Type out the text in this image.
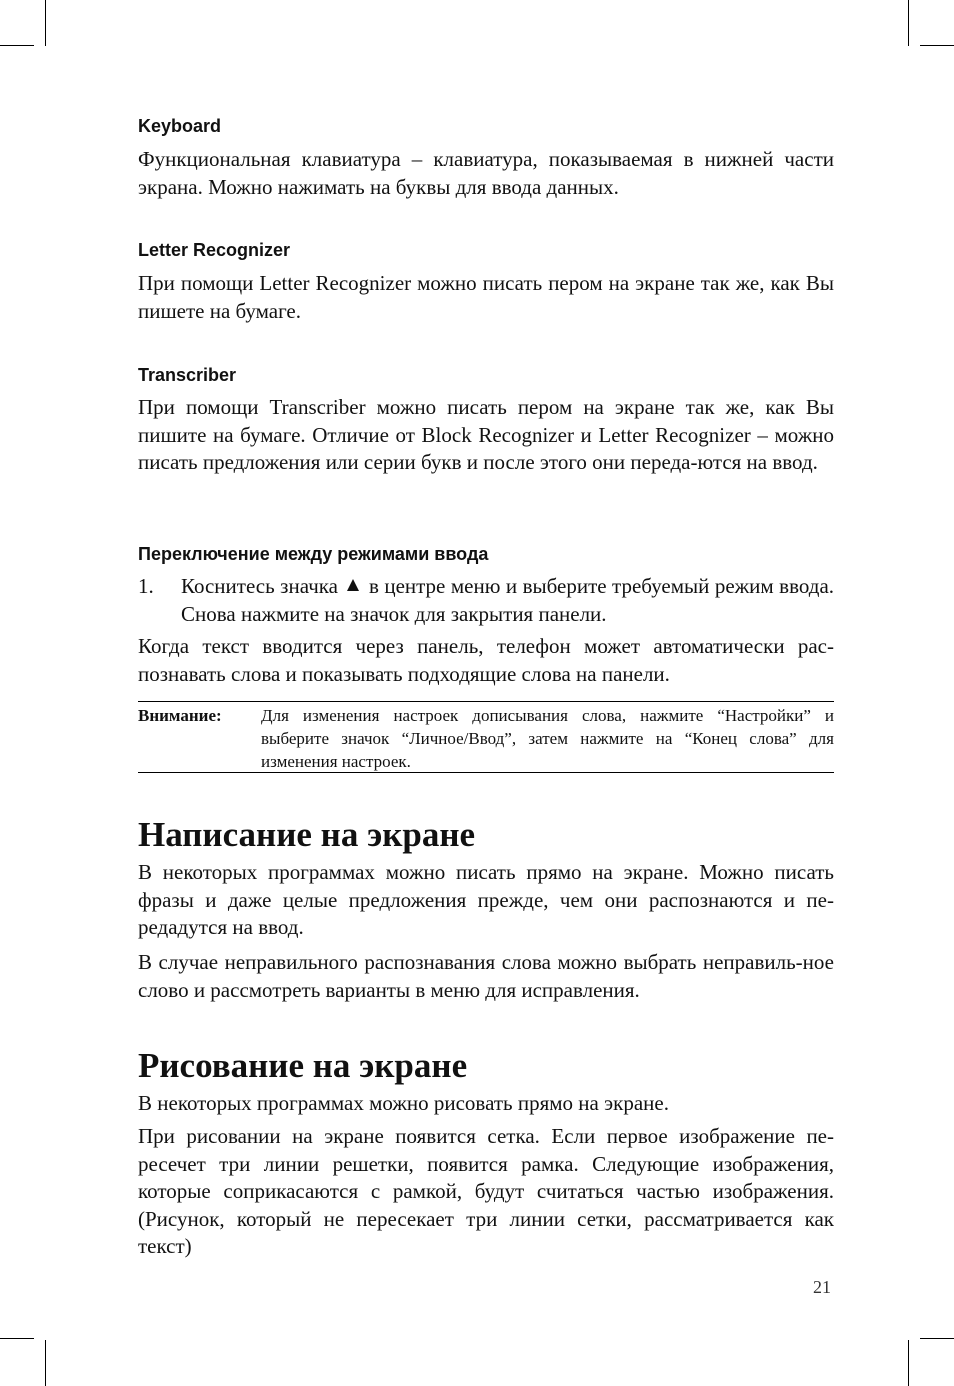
Keyboard

Функциональная клавиатура – клавиатура, показываемая в нижней части экрана. Можно нажимать на буквы для ввода данных.

Letter Recognizer

При помощи Letter Recognizer можно писать пером на экране так же, как Вы пишете на бумаге.

Transcriber

При помощи Transcriber можно писать пером на экране так же, как Вы пишите на бумаге. Отличие от Block Recognizer и Letter Recognizer – можно писать предложения или серии букв и после этого они переда-ются на ввод.

Переключение между режимами ввода
1. Коснитесь значка в центре меню и выберите требуемый режим ввода. Снова нажмите на значок для закрытия панели.

Когда текст вводится через панель, телефон может автоматически рас-познавать слова и показывать подходящие слова на панели.

Внимание: Для изменения настроек дописывания слова, нажмите “Настройки” и выберите значок “Личное/Ввод”, затем нажмите на “Конец слова” для изменения настроек.

Написание на экране

В некоторых программах можно писать прямо на экране. Можно писать фразы и даже целые предложения прежде, чем они распознаются и пе-редадутся на ввод.

В случае неправильного распознавания слова можно выбрать неправиль-ное слово и рассмотреть варианты в меню для исправления.

Рисование на экране

В некоторых программах можно рисовать прямо на экране.

При рисовании на экране появится сетка. Если первое изображение пе-ресечет три линии решетки, появится рамка. Следующие изображения, которые соприкасаются с рамкой, будут считаться частью изображения. (Рисунок, который не пересекает три линии сетки, рассматривается как текст)

21
